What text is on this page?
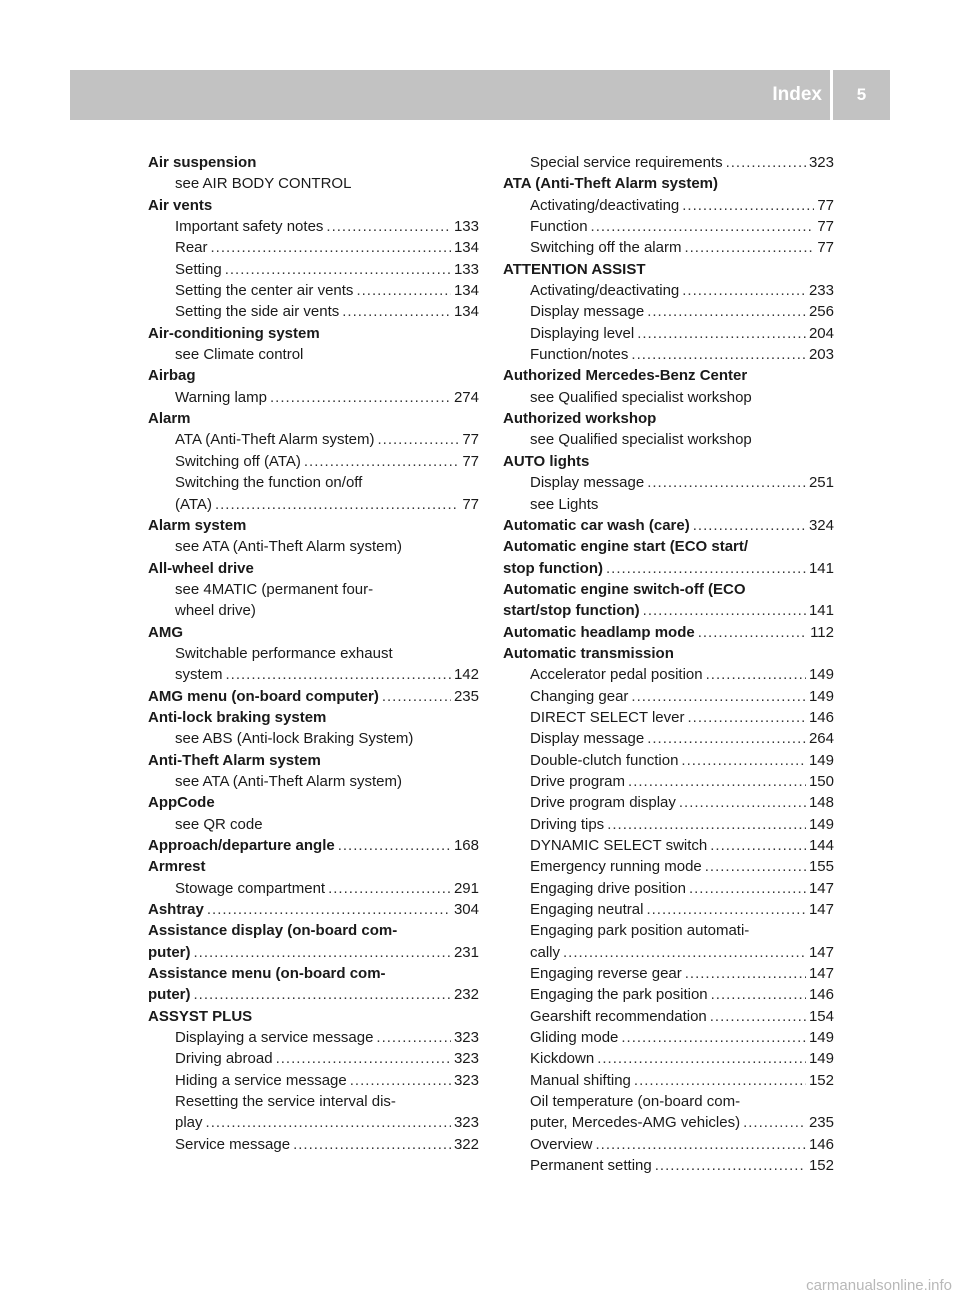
Index	5
Air suspension
see AIR BODY CONTROL
Air vents
Important safety notes .....	133
Rear .....	134
Setting .....	133
Setting the center air vents .....	134
Setting the side air vents .....	134
Air-conditioning system
see Climate control
Airbag
Warning lamp .....	274
Alarm
ATA (Anti-Theft Alarm system) .....	77
Switching off (ATA) .....	77
Switching the function on/off
(ATA) .....	77
Alarm system
see ATA (Anti-Theft Alarm system)
All-wheel drive
see 4MATIC (permanent four-
wheel drive)
AMG
Switchable performance exhaust
system .....	142
AMG menu (on-board computer) .....	235
Anti-lock braking system
see ABS (Anti-lock Braking System)
Anti-Theft Alarm system
see ATA (Anti-Theft Alarm system)
AppCode
see QR code
Approach/departure angle .....	168
Armrest
Stowage compartment .....	291
Ashtray .....	304
Assistance display (on-board com-
puter) .....	231
Assistance menu (on-board com-
puter) .....	232
ASSYST PLUS
Displaying a service message .....	323
Driving abroad .....	323
Hiding a service message .....	323
Resetting the service interval dis-
play .....	323
Service message .....	322
Special service requirements .....	323
ATA (Anti-Theft Alarm system)
Activating/deactivating .....	77
Function .....	77
Switching off the alarm .....	77
ATTENTION ASSIST
Activating/deactivating .....	233
Display message .....	256
Displaying level .....	204
Function/notes .....	203
Authorized Mercedes-Benz Center
see Qualified specialist workshop
Authorized workshop
see Qualified specialist workshop
AUTO lights
Display message .....	251
see Lights
Automatic car wash (care) .....	324
Automatic engine start (ECO start/
stop function) .....	141
Automatic engine switch-off (ECO
start/stop function) .....	141
Automatic headlamp mode .....	112
Automatic transmission
Accelerator pedal position .....	149
Changing gear .....	149
DIRECT SELECT lever .....	146
Display message .....	264
Double-clutch function .....	149
Drive program .....	150
Drive program display .....	148
Driving tips .....	149
DYNAMIC SELECT switch .....	144
Emergency running mode .....	155
Engaging drive position .....	147
Engaging neutral .....	147
Engaging park position automati-
cally .....	147
Engaging reverse gear .....	147
Engaging the park position .....	146
Gearshift recommendation .....	154
Gliding mode .....	149
Kickdown .....	149
Manual shifting .....	152
Oil temperature (on-board com-
puter, Mercedes-AMG vehicles) .....	235
Overview .....	146
Permanent setting .....	152
carmanualsonline.info
